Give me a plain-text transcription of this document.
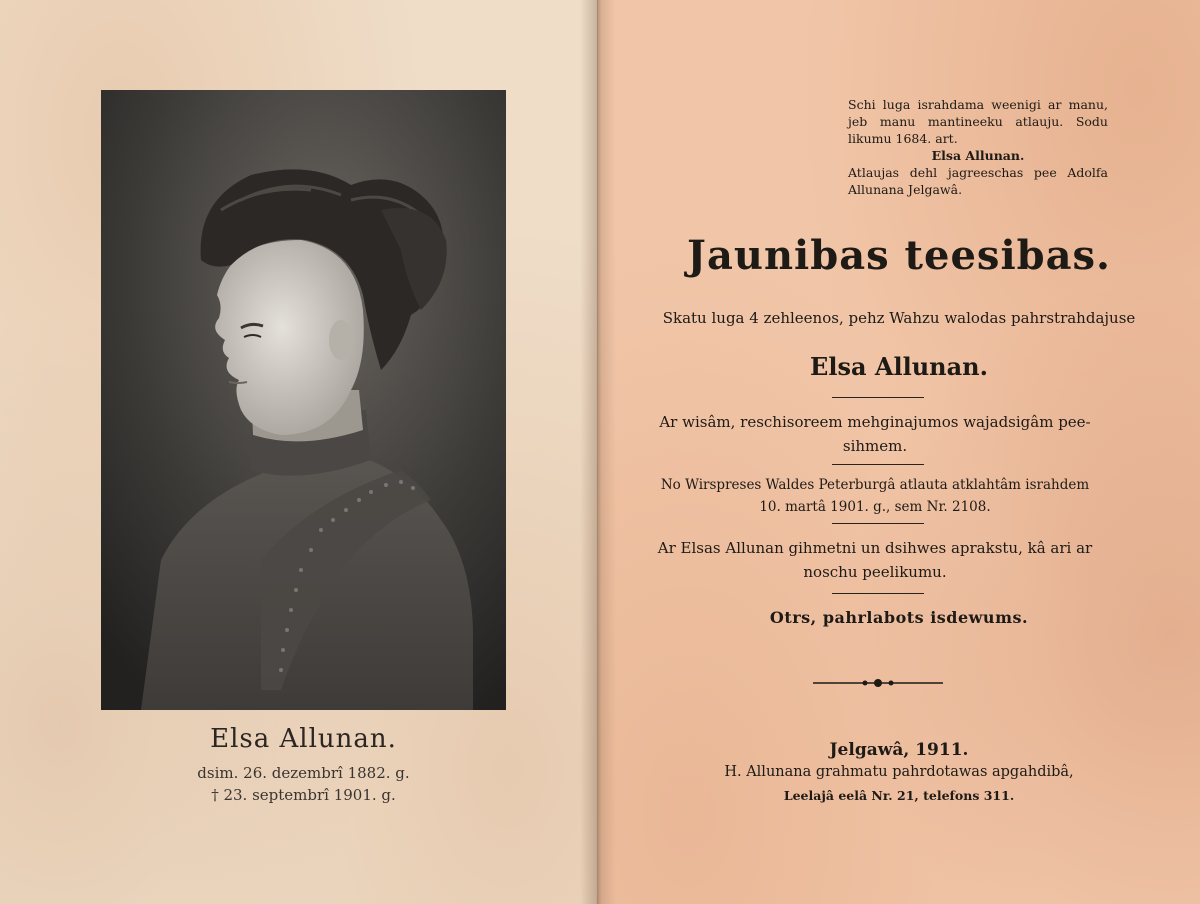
Elsa Allunan.
dsim. 26. dezembrî 1882. g.
† 23. septembrî 1901. g.
Schi luga israhdama weenigi ar manu, jeb manu mantineeku atlauju. Sodu likumu 1684. art.
Elsa Allunan.
Atlaujas dehl jagreeschas pee Adolfa Allunana Jelgawâ.
Jaunibas teesibas.
Skatu luga 4 zehleenos, pehz Wahzu walodas pahrstrahdajuse
Elsa Allunan.
Ar wisâm, reschisoreem mehginajumos wajadsigâm pee-sihmem.
No Wirspreses Waldes Peterburgâ atlauta atklahtâm israhdem 10. martâ 1901. g., sem Nr. 2108.
Ar Elsas Allunan gihmetni un dsihwes aprakstu, kâ ari ar noschu peelikumu.
Otrs, pahrlabots isdewums.
Jelgawâ, 1911.
H. Allunana grahmatu pahrdotawas apgahdibâ,
Leelajâ eelâ Nr. 21, telefons 311.
